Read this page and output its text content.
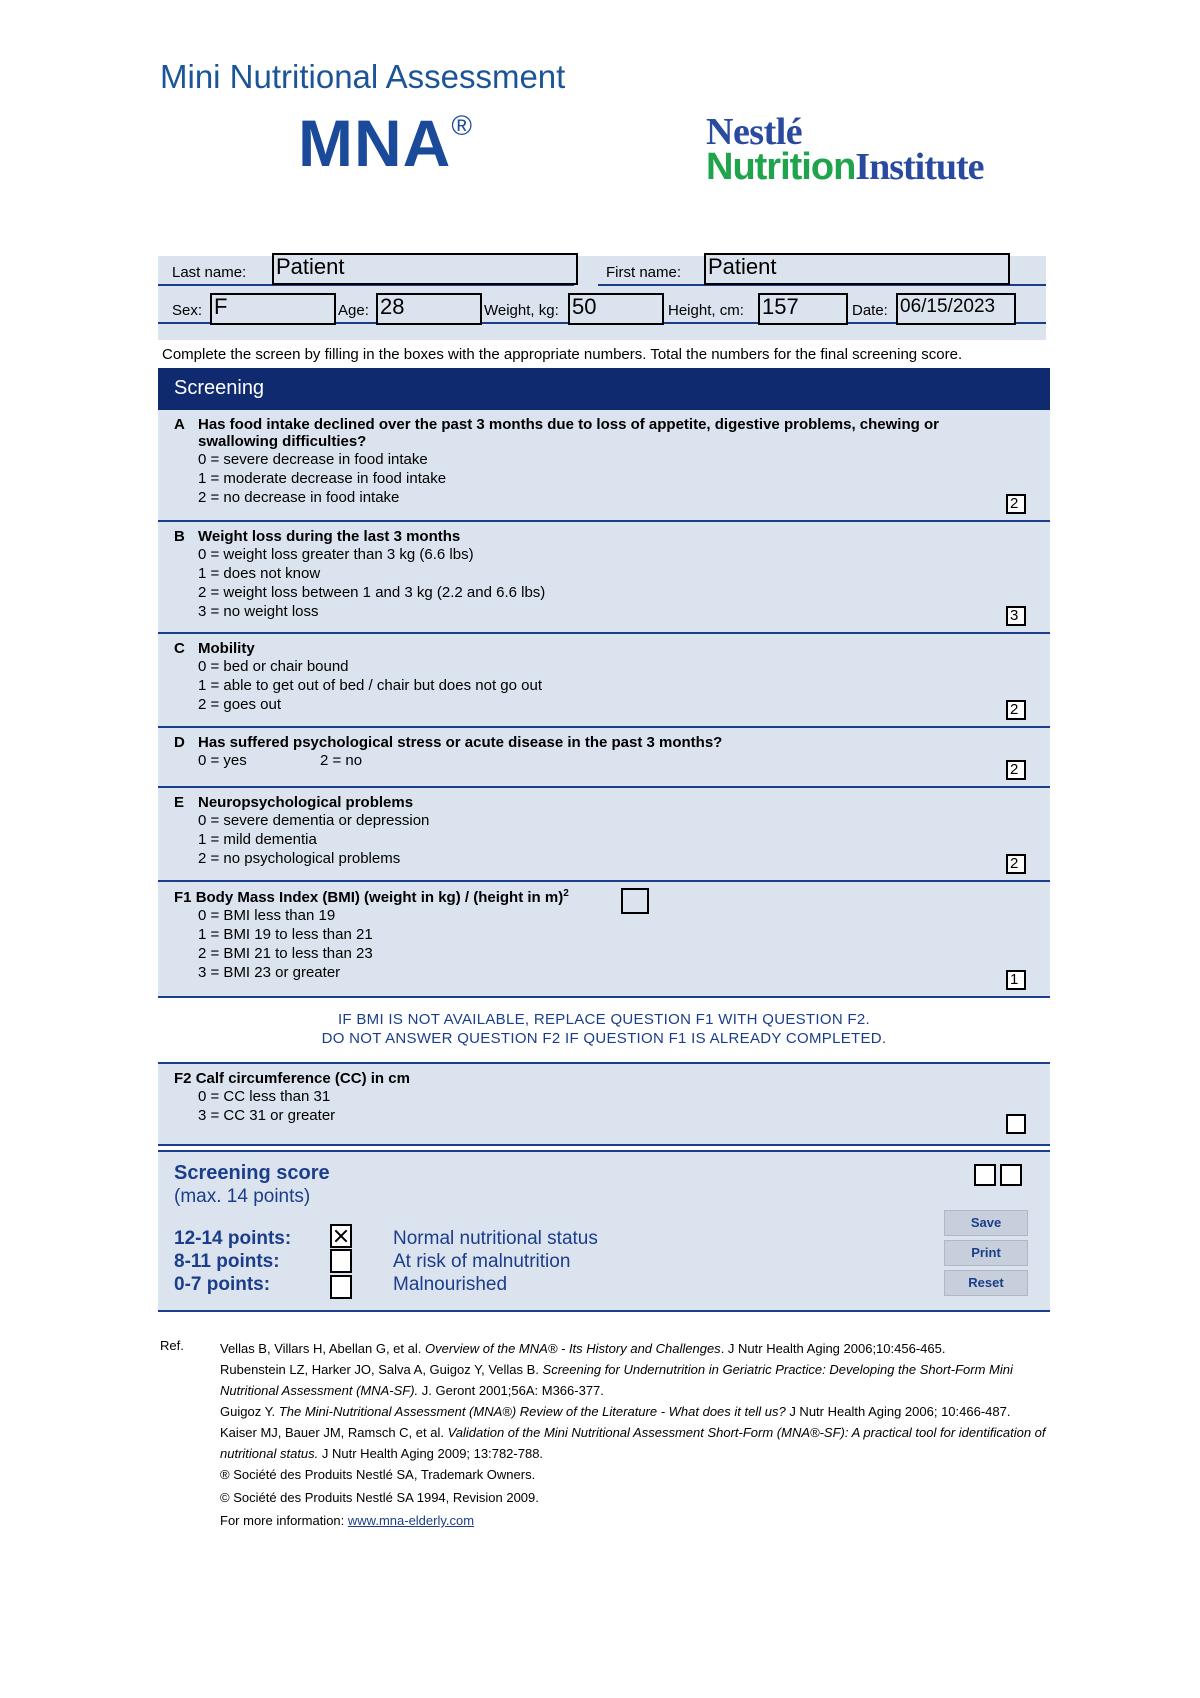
Mini Nutritional Assessment
MNA®	Nestlé
NutritionInstitute
Last name: Patient	First name: Patient
Sex: F	Age: 28	Weight, kg: 50	Height, cm: 157	Date: 06/15/2023
Complete the screen by filling in the boxes with the appropriate numbers. Total the numbers for the final screening score.
Screening
A Has food intake declined over the past 3 months due to loss of appetite, digestive problems, chewing or swallowing difficulties?
0 = severe decrease in food intake
1 = moderate decrease in food intake
2 = no decrease in food intake	2
B Weight loss during the last 3 months
0 = weight loss greater than 3 kg (6.6 lbs)
1 = does not know
2 = weight loss between 1 and 3 kg (2.2 and 6.6 lbs)
3 = no weight loss	3
C Mobility
0 = bed or chair bound
1 = able to get out of bed / chair but does not go out
2 = goes out	2
D Has suffered psychological stress or acute disease in the past 3 months?
0 = yes	2 = no
2
E Neuropsychological problems
0 = severe dementia or depression
1 = mild dementia
2 = no psychological problems	2
F1 Body Mass Index (BMI) (weight in kg) / (height in m)$^2$
0 = BMI less than 19
1 = BMI 19 to less than 21
2 = BMI 21 to less than 23
3 = BMI 23 or greater	1
IF BMI IS NOT AVAILABLE, REPLACE QUESTION F1 WITH QUESTION F2.
DO NOT ANSWER QUESTION F2 IF QUESTION F1 IS ALREADY COMPLETED.
F2 Calf circumference (CC) in cm
0 = CC less than 31
3 = CC 31 or greater
Screening score
(max. 14 points)
12-14 points:	Normal nutritional status
8-11 points:	At risk of malnutrition
0-7 points:	Malnourished
Save
Print
Reset
Ref.	Vellas B, Villars H, Abellan G, et al. Overview of the MNA® - Its History and Challenges. J Nutr Health Aging 2006;10:456-465.
Rubenstein LZ, Harker JO, Salva A, Guigoz Y, Vellas B. Screening for Undernutrition in Geriatric Practice: Developing the Short-Form Mini Nutritional Assessment (MNA-SF). J. Geront 2001;56A: M366-377.
Guigoz Y. The Mini-Nutritional Assessment (MNA®) Review of the Literature - What does it tell us? J Nutr Health Aging 2006; 10:466-487.
Kaiser MJ, Bauer JM, Ramsch C, et al. Validation of the Mini Nutritional Assessment Short-Form (MNA®-SF): A practical tool for identification of nutritional status. J Nutr Health Aging 2009; 13:782-788.
® Société des Produits Nestlé SA, Trademark Owners.
© Société des Produits Nestlé SA 1994, Revision 2009.
For more information: www.mna-elderly.com
